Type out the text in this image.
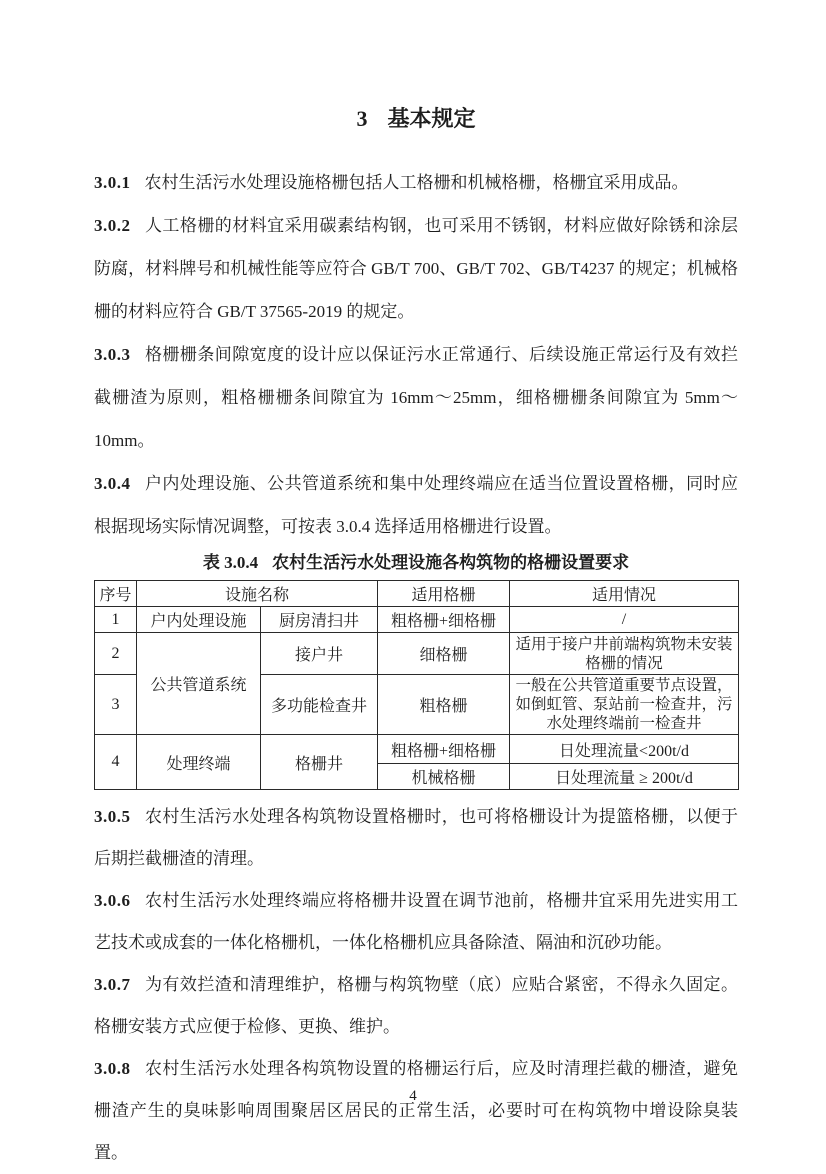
3 基本规定

3.0.1 农村生活污水处理设施格栅包括人工格栅和机械格栅，格栅宜采用成品。

3.0.2 人工格栅的材料宜采用碳素结构钢，也可采用不锈钢，材料应做好除锈和涂层防腐，材料牌号和机械性能等应符合 GB/T 700、GB/T 702、GB/T4237 的规定；机械格栅的材料应符合 GB/T 37565-2019 的规定。

3.0.3 格栅栅条间隙宽度的设计应以保证污水正常通行、后续设施正常运行及有效拦截栅渣为原则，粗格栅栅条间隙宜为 16mm～25mm，细格栅栅条间隙宜为 5mm～10mm。

3.0.4 户内处理设施、公共管道系统和集中处理终端应在适当位置设置格栅，同时应根据现场实际情况调整，可按表 3.0.4 选择适用格栅进行设置。

表 3.0.4 农村生活污水处理设施各构筑物的格栅设置要求

序号	设施名称		适用格栅	适用情况
1	户内处理设施	厨房清扫井	粗格栅+细格栅	/
2	公共管道系统	接户井	细格栅	适用于接户井前端构筑物未安装格栅的情况
3		多功能检查井	粗格栅	一般在公共管道重要节点设置，如倒虹管、泵站前一检查井，污水处理终端前一检查井
4	处理终端	格栅井	粗格栅+细格栅	日处理流量<200t/d
			机械格栅	日处理流量 ≥ 200t/d

3.0.5 农村生活污水处理各构筑物设置格栅时，也可将格栅设计为提篮格栅，以便于后期拦截栅渣的清理。

3.0.6 农村生活污水处理终端应将格栅井设置在调节池前，格栅井宜采用先进实用工艺技术或成套的一体化格栅机，一体化格栅机应具备除渣、隔油和沉砂功能。

3.0.7 为有效拦渣和清理维护，格栅与构筑物壁（底）应贴合紧密，不得永久固定。格栅安装方式应便于检修、更换、维护。

3.0.8 农村生活污水处理各构筑物设置的格栅运行后，应及时清理拦截的栅渣，避免栅渣产生的臭味影响周围聚居区居民的正常生活，必要时可在构筑物中增设除臭装置。

4
